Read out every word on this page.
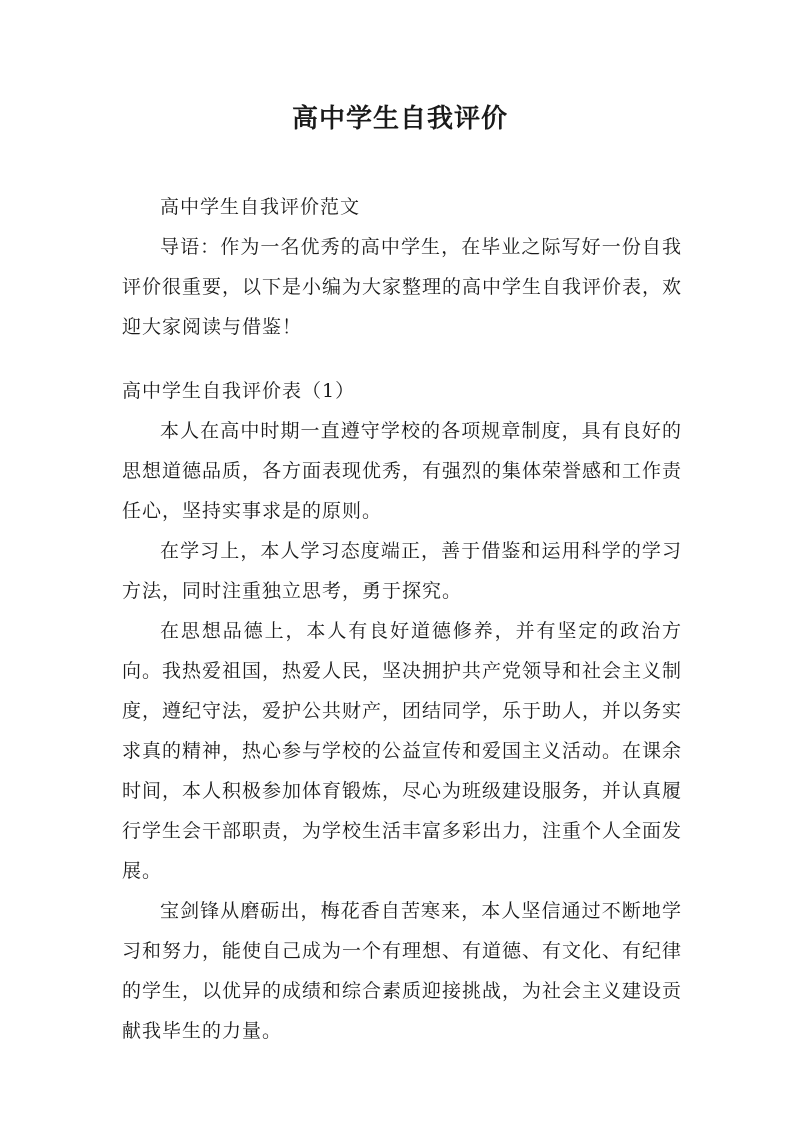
高中学生自我评价

高中学生自我评价范文

导语：作为一名优秀的高中学生，在毕业之际写好一份自我评价很重要，以下是小编为大家整理的高中学生自我评价表，欢迎大家阅读与借鉴！

高中学生自我评价表（1）

本人在高中时期一直遵守学校的各项规章制度，具有良好的思想道德品质，各方面表现优秀，有强烈的集体荣誉感和工作责任心，坚持实事求是的原则。

在学习上，本人学习态度端正，善于借鉴和运用科学的学习方法，同时注重独立思考，勇于探究。

在思想品德上，本人有良好道德修养，并有坚定的政治方向。我热爱祖国，热爱人民，坚决拥护共产党领导和社会主义制度，遵纪守法，爱护公共财产，团结同学，乐于助人，并以务实求真的精神，热心参与学校的公益宣传和爱国主义活动。在课余时间，本人积极参加体育锻炼，尽心为班级建设服务，并认真履行学生会干部职责，为学校生活丰富多彩出力，注重个人全面发展。

宝剑锋从磨砺出，梅花香自苦寒来，本人坚信通过不断地学习和努力，能使自己成为一个有理想、有道德、有文化、有纪律的学生，以优异的成绩和综合素质迎接挑战，为社会主义建设贡献我毕生的力量。
